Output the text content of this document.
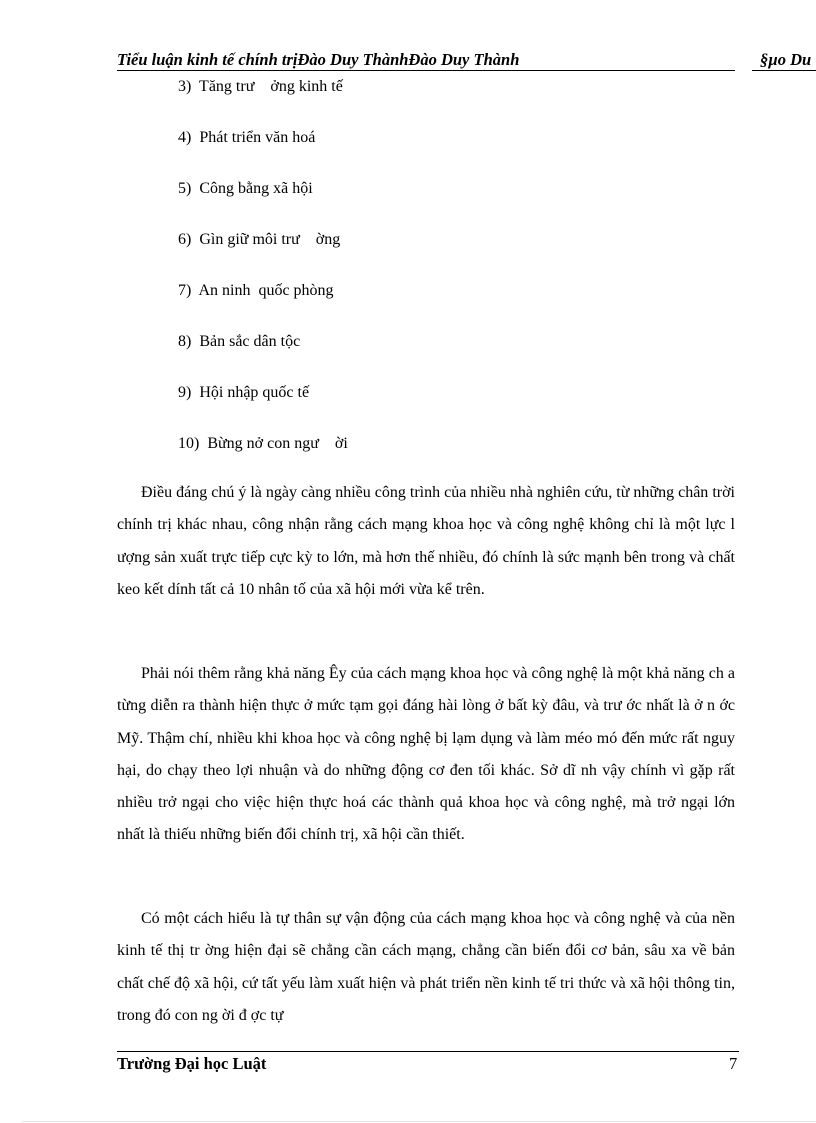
Tiểu luận kinh tế chính trịĐào Duy ThànhĐào Duy Thành	§µo Du
3)  Tăng trư    ởng kinh tế
4)  Phát triển văn hoá
5)  Công bằng xã hội
6)  Gìn giữ môi trư    ờng
7)  An ninh  quốc phòng
8)  Bản sắc dân tộc
9)  Hội nhập quốc tế
10)  Bừng nở con ngư    ời

Điều đáng chú ý là ngày càng nhiều công trình của nhiều nhà nghiên cứu, từ những chân trời chính trị khác nhau, công nhận rằng cách mạng khoa học và công nghệ không chỉ là một lực l ượng sản xuất trực tiếp cực kỳ to lớn, mà hơn thế nhiều, đó chính là sức mạnh bên trong và chất keo kết dính tất cả 10 nhân tố của xã hội mới vừa kể trên.

Phải nói thêm rằng khả năng Êy của cách mạng khoa học và công nghệ là một khả năng ch a từng diễn ra thành hiện thực ở mức tạm gọi đáng hài lòng ở bất kỳ đâu, và trư ớc nhất là ở n ớc Mỹ. Thậm chí, nhiều khi khoa học và công nghệ bị lạm dụng và làm méo mó đến mức rất nguy hại, do chạy theo lợi nhuận và do những động cơ đen tối khác. Sở dĩ nh vậy chính vì gặp rất nhiều trở ngại cho việc hiện thực hoá các thành quả khoa học và công nghệ, mà trở ngại lớn nhất là thiếu những biến đổi chính trị, xã hội cần thiết.

Có một cách hiểu là tự thân sự vận động của cách mạng khoa học và công nghệ và của nền kinh tế thị tr ờng hiện đại sẽ chẳng cần cách mạng, chẳng cần biến đổi cơ bản, sâu xa về bản chất chế độ xã hội, cứ tất yếu làm xuất hiện và phát triển nền kinh tế tri thức và xã hội thông tin, trong đó con ng ời đ ợc tự

Trường Đại học Luật	7
